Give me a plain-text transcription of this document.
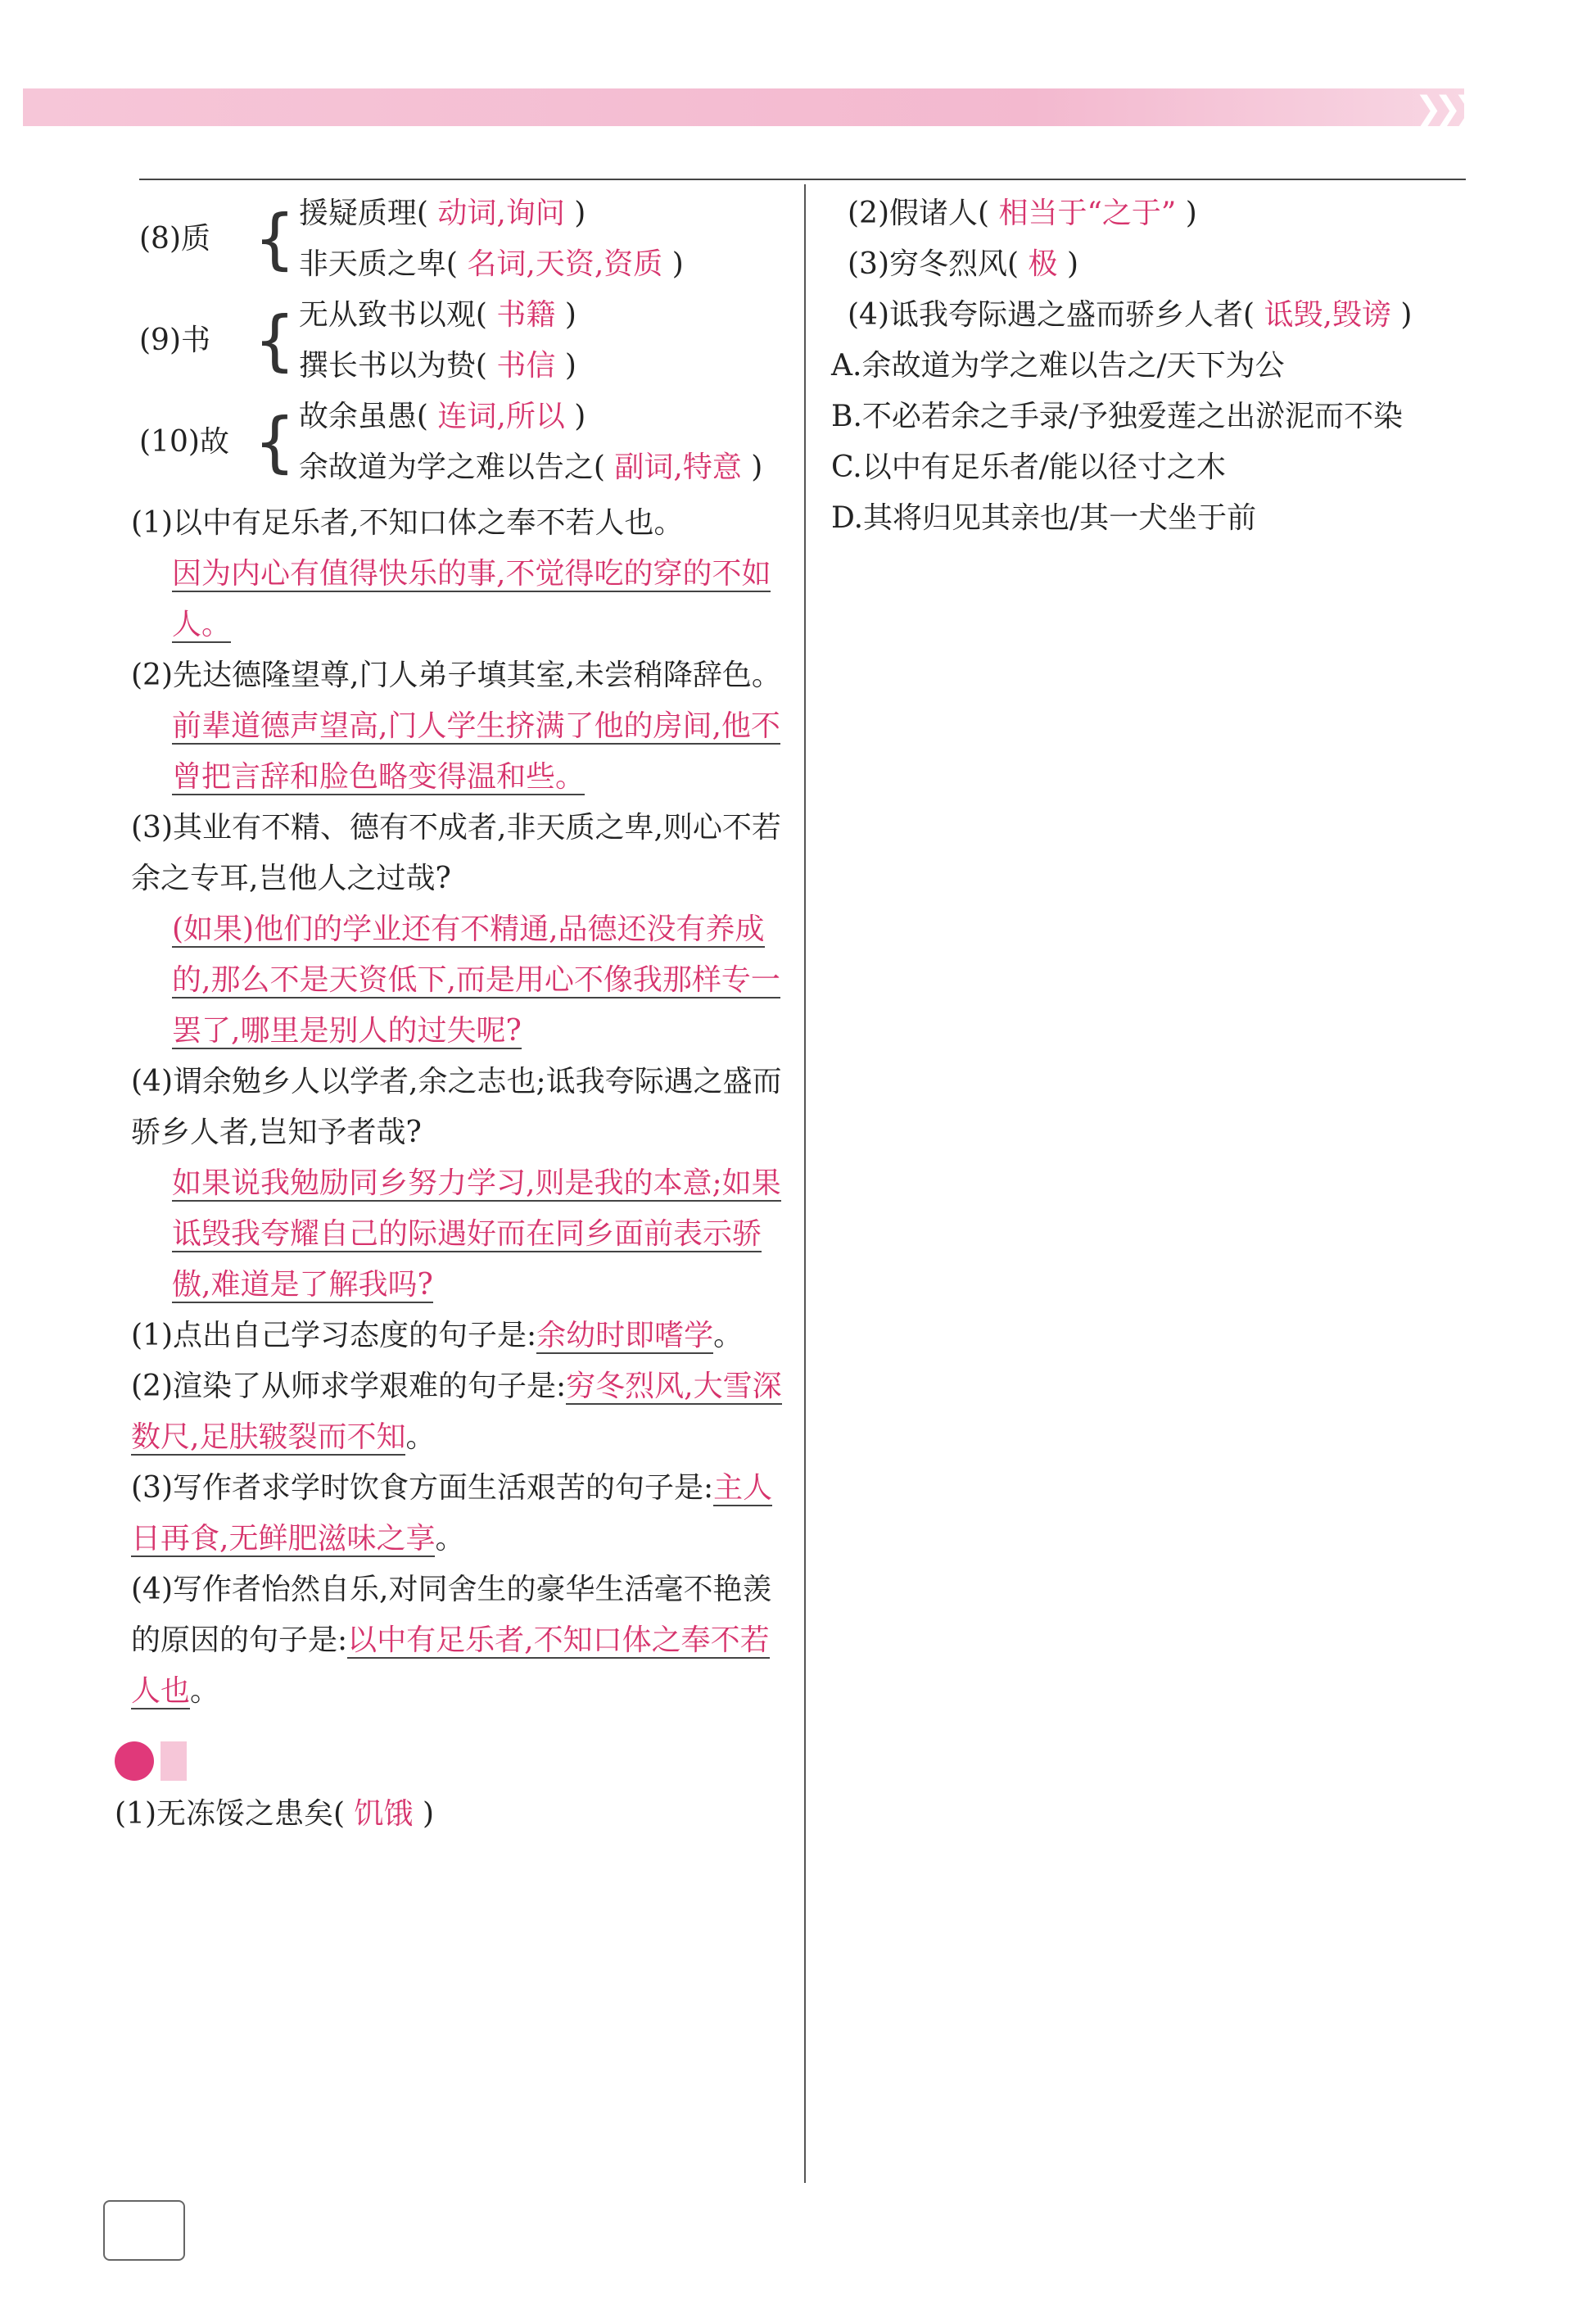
❯❯❯
(8)质 { 援疑质理( 动词,询问 )
非天质之卑( 名词,天资,资质 )
(9)书 { 无从致书以观( 书籍 )
撰长书以为贽( 书信 )
(10)故 { 故余虽愚( 连词,所以 )
余故道为学之难以告之( 副词,特意 )

(1)以中有足乐者,不知口体之奉不若人也。
因为内心有值得快乐的事,不觉得吃的穿的不如人。
(2)先达德隆望尊,门人弟子填其室,未尝稍降辞色。
前辈道德声望高,门人学生挤满了他的房间,他不曾把言辞和脸色略变得温和些。
(3)其业有不精、德有不成者,非天质之卑,则心不若余之专耳,岂他人之过哉?
(如果)他们的学业还有不精通,品德还没有养成的,那么不是天资低下,而是用心不像我那样专一罢了,哪里是别人的过失呢?
(4)谓余勉乡人以学者,余之志也;诋我夸际遇之盛而骄乡人者,岂知予者哉?
如果说我勉励同乡努力学习,则是我的本意;如果诋毁我夸耀自己的际遇好而在同乡面前表示骄傲,难道是了解我吗?

(1)点出自己学习态度的句子是:余幼时即嗜学。
(2)渲染了从师求学艰难的句子是:穷冬烈风,大雪深数尺,足肤皲裂而不知。
(3)写作者求学时饮食方面生活艰苦的句子是:主人日再食,无鲜肥滋味之享。
(4)写作者怡然自乐,对同舍生的豪华生活毫不艳羡的原因的句子是:以中有足乐者,不知口体之奉不若人也。

(1)无冻馁之患矣( 饥饿 )
(2)假诸人( 相当于“之于” )
(3)穷冬烈风( 极 )
(4)诋我夸际遇之盛而骄乡人者( 诋毁,毁谤 )
A.余故道为学之难以告之/天下为公
B.不必若余之手录/予独爱莲之出淤泥而不染
C.以中有足乐者/能以径寸之木
D.其将归见其亲也/其一犬坐于前
